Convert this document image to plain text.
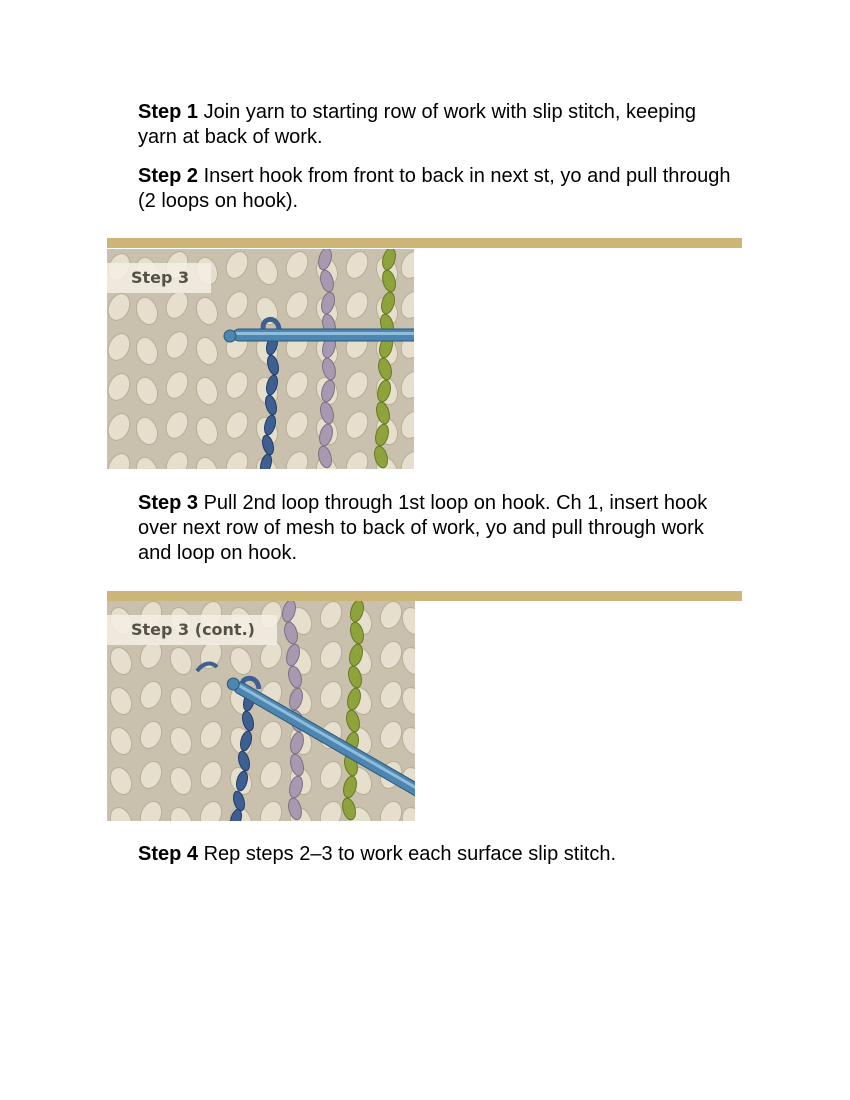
Step 1 Join yarn to starting row of work with slip stitch, keeping yarn at back of work.

Step 2 Insert hook from front to back in next st, yo and pull through (2 loops on hook).

Step 3

Step 3 Pull 2nd loop through 1st loop on hook. Ch 1, insert hook over next row of mesh to back of work, yo and pull through work and loop on hook.

Step 3 (cont.)

Step 4 Rep steps 2–3 to work each surface slip stitch.
